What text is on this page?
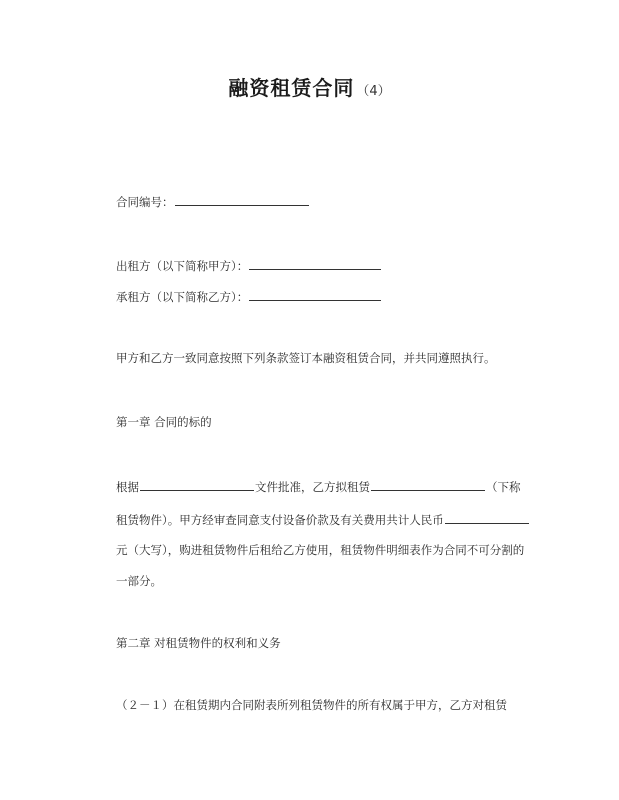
融资租赁合同 （4）
合同编号：
出租方（以下简称甲方）：
承租方（以下简称乙方）：
甲方和乙方一致同意按照下列条款签订本融资租赁合同，并共同遵照执行。
第一章 合同的标的
根据	文件批准，乙方拟租赁	（下称
租赁物件）。甲方经审查同意支付设备价款及有关费用共计人民币
元（大写），购进租赁物件后租给乙方使用，租赁物件明细表作为合同不可分割的
一部分。
第二章 对租赁物件的权利和义务
（２－１）在租赁期内合同附表所列租赁物件的所有权属于甲方，乙方对租赁
